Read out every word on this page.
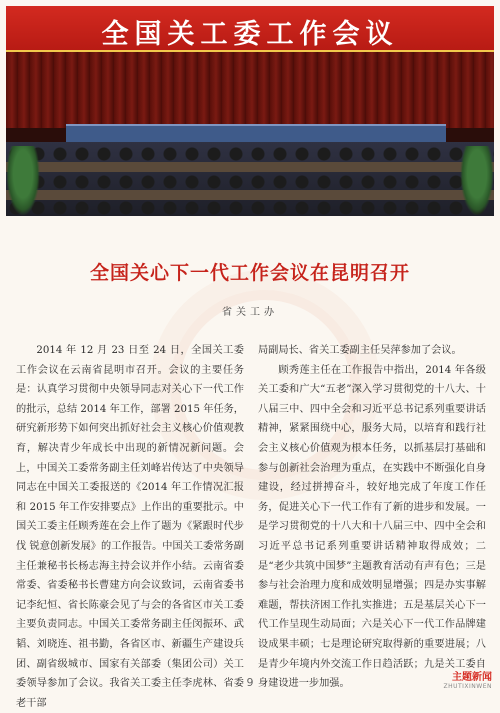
全国关工委工作会议
全国关心下一代工作会议在昆明召开
省关工办

2014 年 12 月 23 日至 24 日，全国关工委工作会议在云南省昆明市召开。会议的主要任务是：认真学习贯彻中央领导同志对关心下一代工作的批示，总结 2014 年工作，部署 2015 年任务，研究新形势下如何突出抓好社会主义核心价值观教育，解决青少年成长中出现的新情况新问题。会上，中国关工委常务副主任刘峰岩传达了中央领导同志在中国关工委报送的《2014 年工作情况汇报和 2015 年工作安排要点》上作出的重要批示。中国关工委主任顾秀莲在会上作了题为《紧跟时代步伐 锐意创新发展》的工作报告。中国关工委常务副主任兼秘书长杨志海主持会议并作小结。云南省委常委、省委秘书长曹建方向会议致词，云南省委书记李纪恒、省长陈豪会见了与会的各省区市关工委主要负责同志。中国关工委常务副主任闵振环、武韬、刘晓连、祖书勤，各省区市、新疆生产建设兵团、副省级城市、国家有关部委（集团公司）关工委领导参加了会议。我省关工委主任李虎林、省委老干部

局副局长、省关工委副主任吴萍参加了会议。

顾秀莲主任在工作报告中指出，2014 年各级关工委和广大“五老”深入学习贯彻党的十八大、十八届三中、四中全会和习近平总书记系列重要讲话精神，紧紧围绕中心，服务大局，以培育和践行社会主义核心价值观为根本任务，以抓基层打基础和参与创新社会治理为重点，在实践中不断强化自身建设，经过拼搏奋斗，较好地完成了年度工作任务，促进关心下一代工作有了新的进步和发展。一是学习贯彻党的十八大和十八届三中、四中全会和习近平总书记系列重要讲话精神取得成效；二是“老少共筑中国梦”主题教育活动有声有色；三是参与社会治理力度和成效明显增强；四是办实事解难题，帮扶济困工作扎实推进；五是基层关心下一代工作呈现生动局面；六是关心下一代工作品牌建设成果丰硕；七是理论研究取得新的重要进展；八是青少年境内外交流工作日趋活跃；九是关工委自身建设进一步加强。

9	主题新闻
ZHUTIXINWEN
